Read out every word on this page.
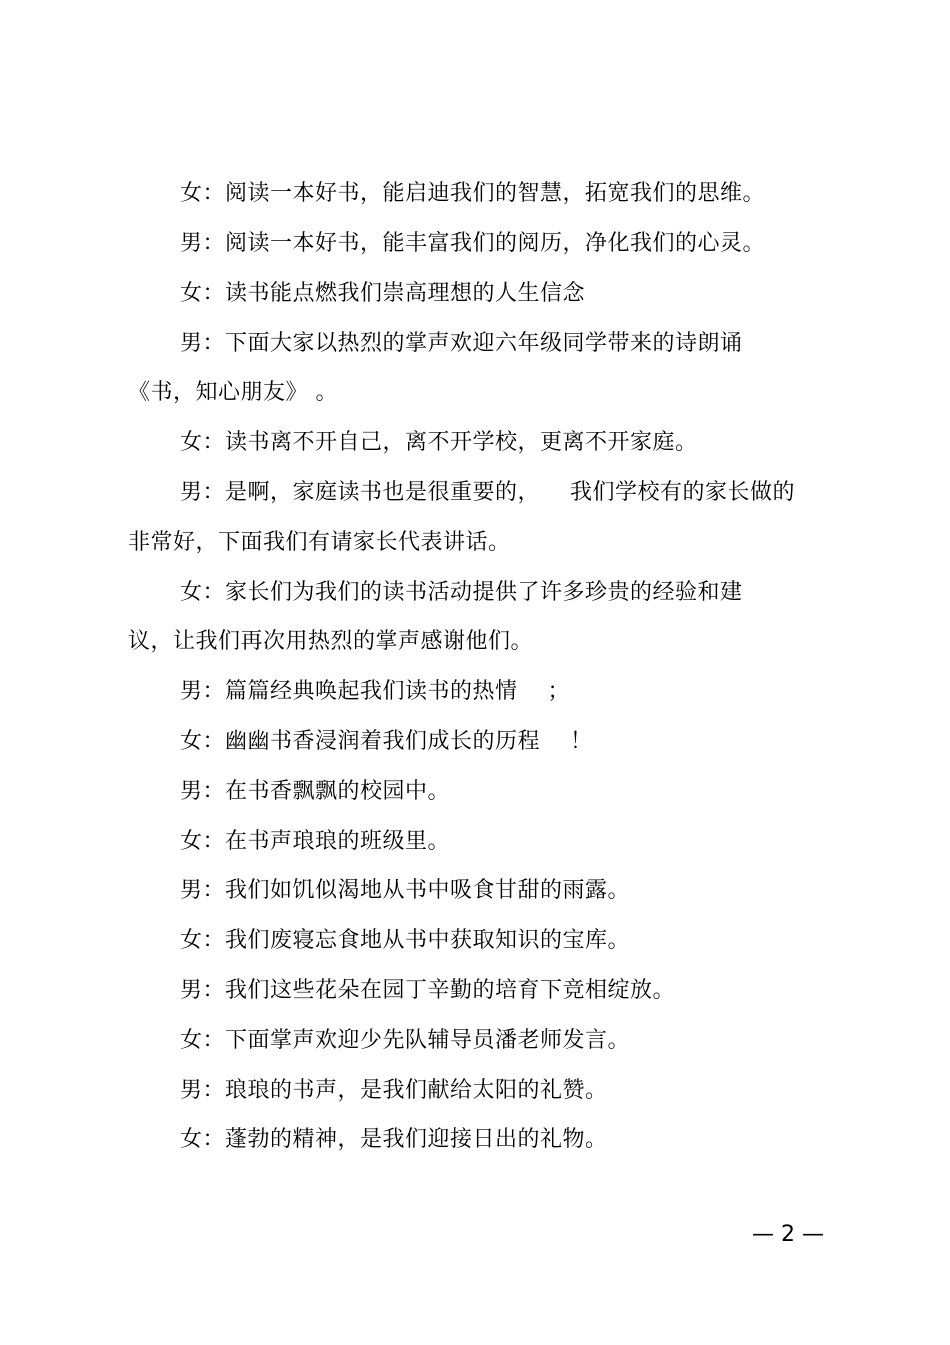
女：阅读一本好书，能启迪我们的智慧，拓宽我们的思维。
男：阅读一本好书，能丰富我们的阅历，净化我们的心灵。
女：读书能点燃我们崇高理想的人生信念
男：下面大家以热烈的掌声欢迎六年级同学带来的诗朗诵
《书，知心朋友》 。
女：读书离不开自己，离不开学校，更离不开家庭。
男：是啊，家庭读书也是很重要的，    我们学校有的家长做的
非常好，下面我们有请家长代表讲话。
女：家长们为我们的读书活动提供了许多珍贵的经验和建
议，让我们再次用热烈的掌声感谢他们。
男：篇篇经典唤起我们读书的热情    ；
女：幽幽书香浸润着我们成长的历程    ！
男：在书香飘飘的校园中。
女：在书声琅琅的班级里。
男：我们如饥似渴地从书中吸食甘甜的雨露。
女：我们废寝忘食地从书中获取知识的宝库。
男：我们这些花朵在园丁辛勤的培育下竞相绽放。
女：下面掌声欢迎少先队辅导员潘老师发言。
男：琅琅的书声，是我们献给太阳的礼赞。
女：蓬勃的精神，是我们迎接日出的礼物。
— 2 —
